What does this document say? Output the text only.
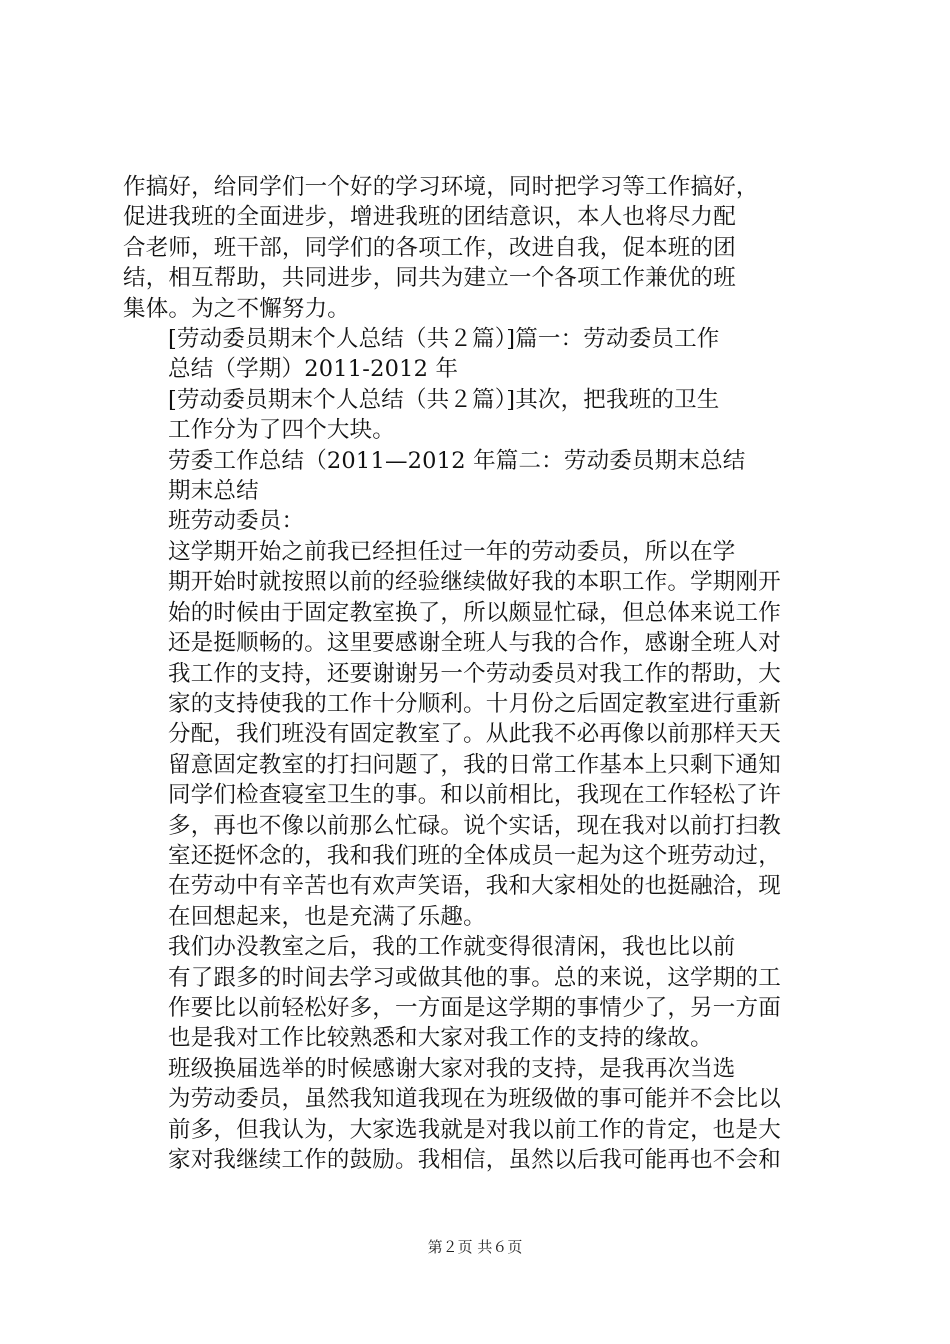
作搞好，给同学们一个好的学习环境，同时把学习等工作搞好，
促进我班的全面进步，增进我班的团结意识，本人也将尽力配
合老师，班干部，同学们的各项工作，改进自我，促本班的团
结，相互帮助，共同进步，同共为建立一个各项工作兼优的班
集体。为之不懈努力。

[劳动委员期末个人总结（共２篇）]篇一：劳动委员工作
总结（学期）2011-2012 年

[劳动委员期末个人总结（共２篇）]其次，把我班的卫生
工作分为了四个大块。

劳委工作总结（2011—2012 年篇二：劳动委员期末总结

期末总结

班劳动委员：

这学期开始之前我已经担任过一年的劳动委员，所以在学
期开始时就按照以前的经验继续做好我的本职工作。学期刚开
始的时候由于固定教室换了，所以颇显忙碌，但总体来说工作
还是挺顺畅的。这里要感谢全班人与我的合作，感谢全班人对
我工作的支持，还要谢谢另一个劳动委员对我工作的帮助，大
家的支持使我的工作十分顺利。十月份之后固定教室进行重新
分配，我们班没有固定教室了。从此我不必再像以前那样天天
留意固定教室的打扫问题了，我的日常工作基本上只剩下通知
同学们检查寝室卫生的事。和以前相比，我现在工作轻松了许
多，再也不像以前那么忙碌。说个实话，现在我对以前打扫教
室还挺怀念的，我和我们班的全体成员一起为这个班劳动过，
在劳动中有辛苦也有欢声笑语，我和大家相处的也挺融洽，现
在回想起来，也是充满了乐趣。

我们办没教室之后，我的工作就变得很清闲，我也比以前
有了跟多的时间去学习或做其他的事。总的来说，这学期的工
作要比以前轻松好多，一方面是这学期的事情少了，另一方面
也是我对工作比较熟悉和大家对我工作的支持的缘故。

班级换届选举的时候感谢大家对我的支持，是我再次当选
为劳动委员，虽然我知道我现在为班级做的事可能并不会比以
前多，但我认为，大家选我就是对我以前工作的肯定，也是大
家对我继续工作的鼓励。我相信，虽然以后我可能再也不会和

第２页 共６页
